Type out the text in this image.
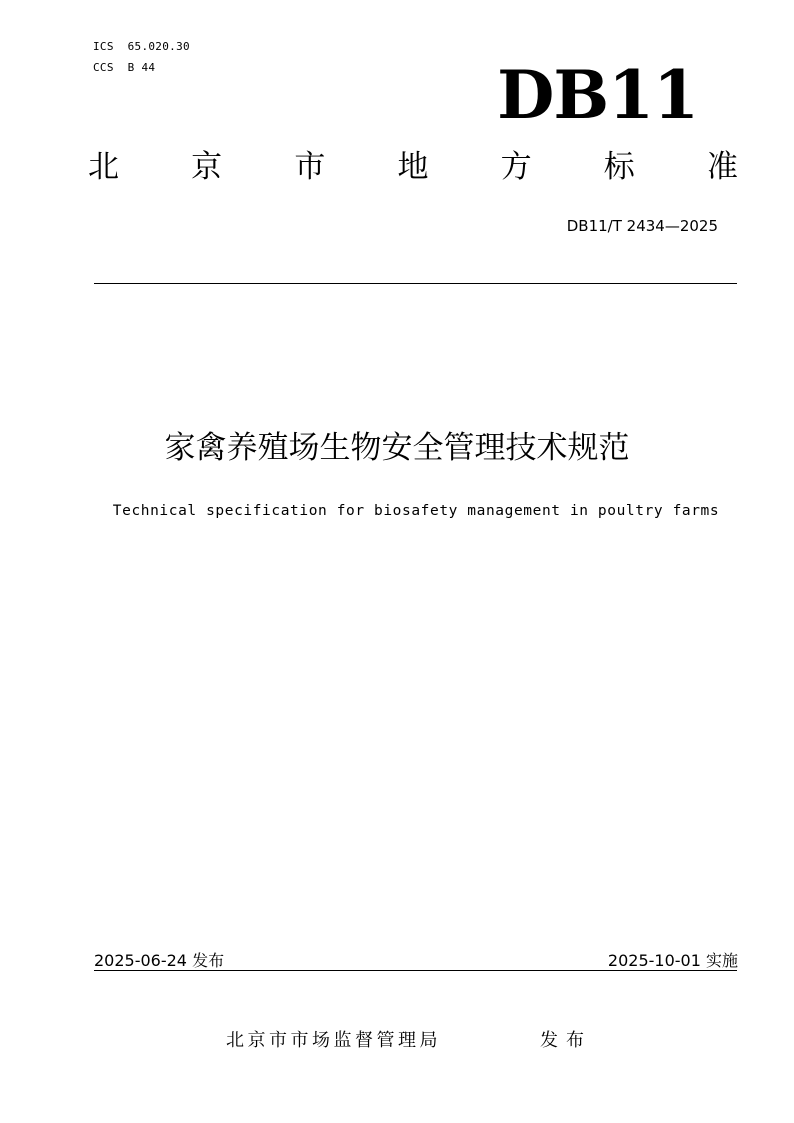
ICS  65.020.30
CCS  B 44	DB11
北 京 市 地 方 标 准
DB11/T 2434—2025
家禽养殖场生物安全管理技术规范
Technical specification for biosafety management in poultry farms
2025-06-24 发布	2025-10-01 实施
北京市市场监督管理局	发布
